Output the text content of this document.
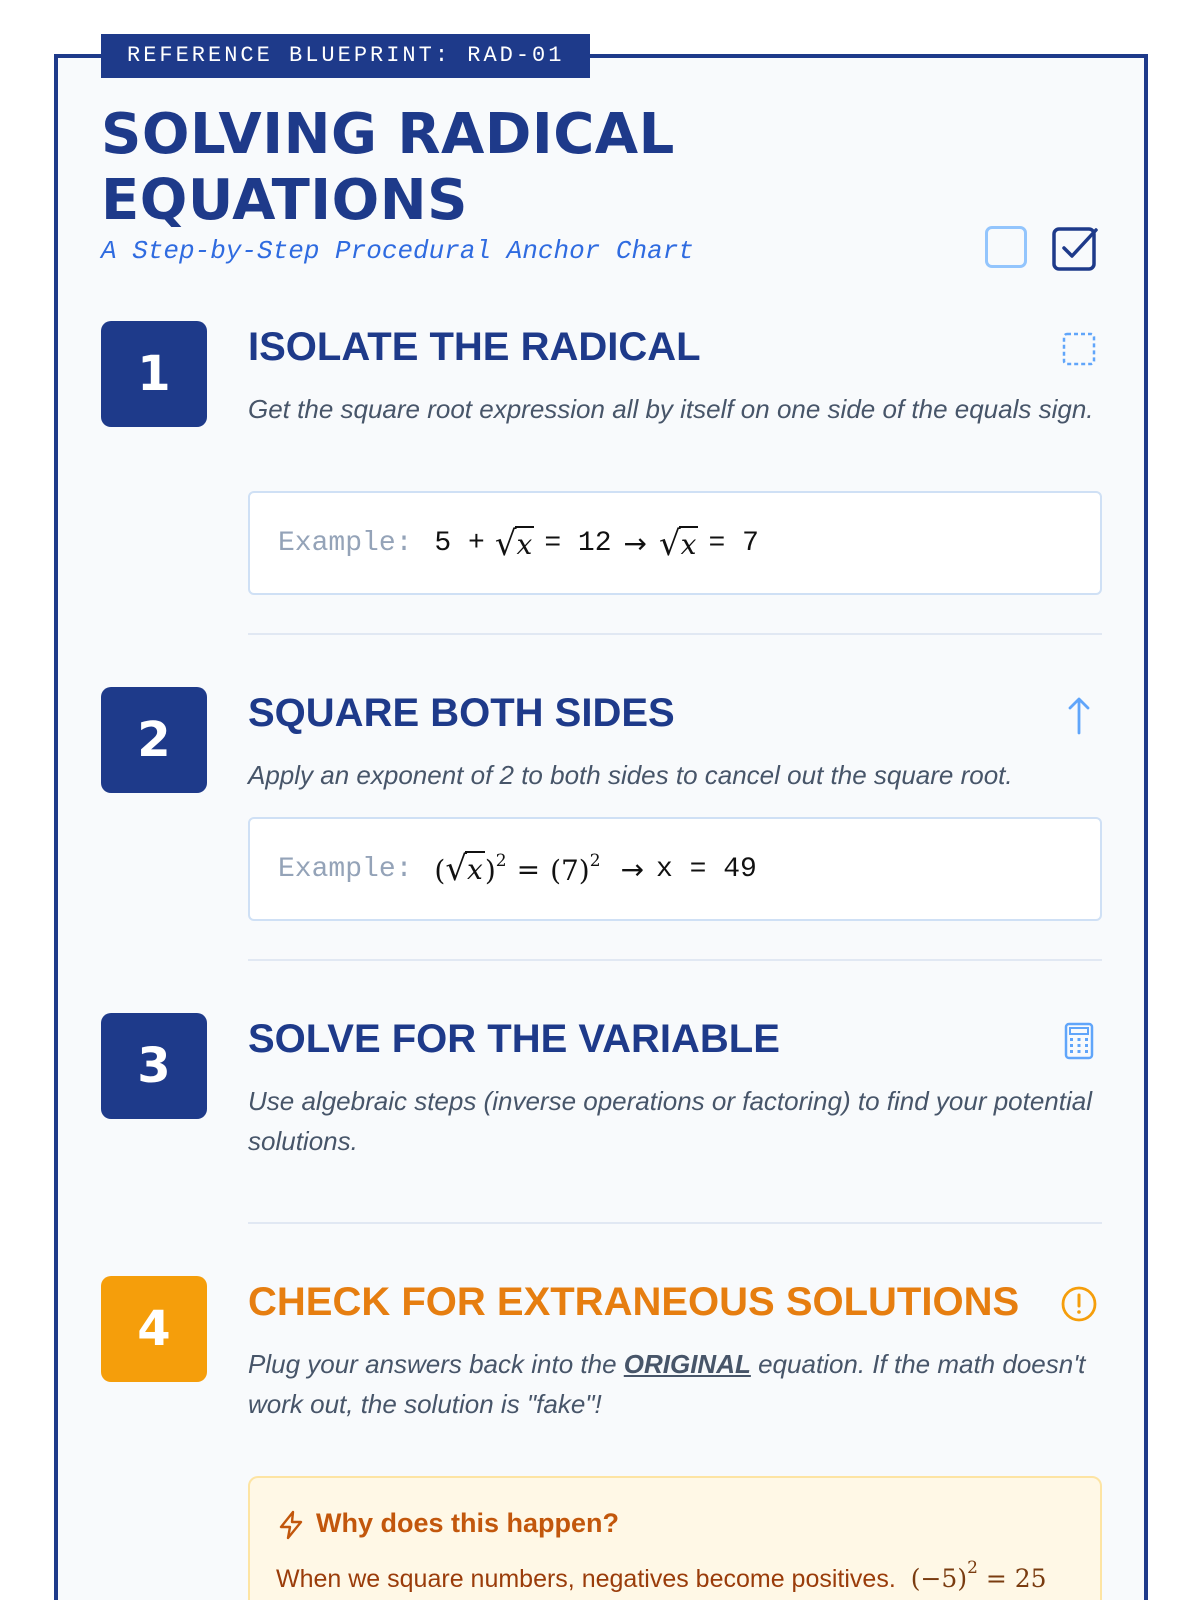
REFERENCE BLUEPRINT: RAD-01
SOLVING RADICAL EQUATIONS
A Step-by-Step Procedural Anchor Chart
1	ISOLATE THE RADICAL

Get the square root expression all by itself on one side of the equals sign.

Example: 5 + √ x = 12 → √ x = 7
2	SQUARE BOTH SIDES

Apply an exponent of 2 to both sides to cancel out the square root.

Example: ( √ x )$^2 = (7)^2 \to x = 49$
3	SOLVE FOR THE VARIABLE

Use algebraic steps (inverse operations or factoring) to find your potential solutions.

4	CHECK FOR EXTRANEOUS SOLUTIONS

Plug your answers back into the ORIGINAL equation. If the math doesn't work out, the solution is "fake"!

Why does this happen?
When we square numbers, negatives become positives. $(-5)^2 = 25$
